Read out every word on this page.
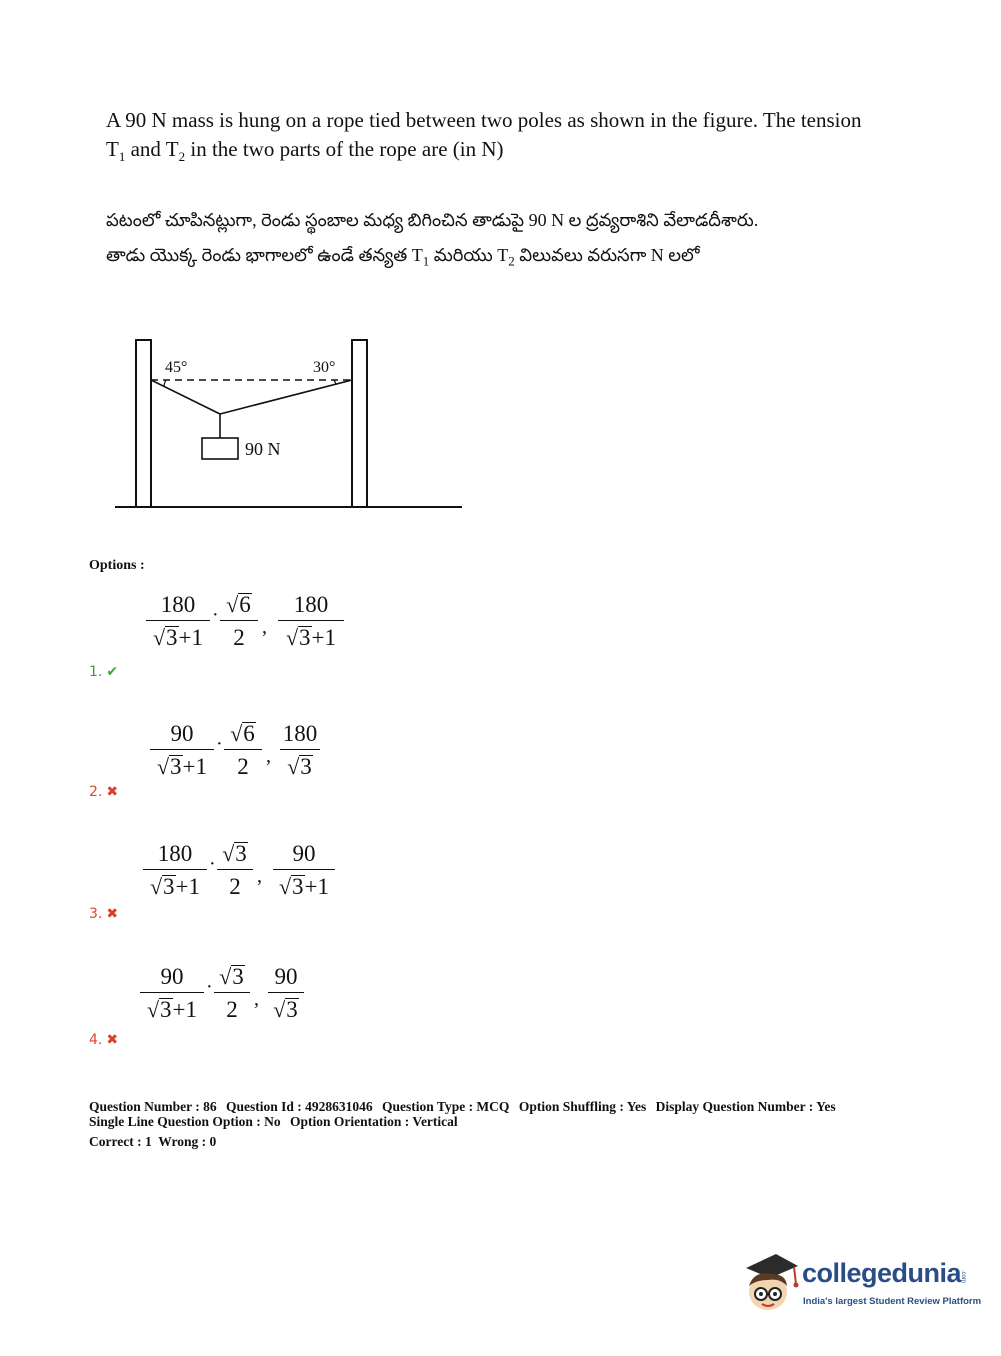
A 90 N mass is hung on a rope tied between two poles as shown in the figure. The tension
$T_1$ and $T_2$ in the two parts of the rope are (in N)
పటంలో చూపినట్లుగా, రెండు స్థంబాల మధ్య బిగించిన తాడుపై 90 N ల ద్రవ్యరాశిని వేలాడదీశారు.
తాడు యొక్క రెండు భాగాలలో ఉండే తన్యత $T_1$ మరియు $T_2$ విలువలు వరుసగా N లలో
45°	30°
90 N
Options :
180
√3+1
· √6
2 ,
180
√3+1
1. ✔
90
√3+1
· √6
2 ,
180
√3
2. ✖
180
√3+1
· √3
2 ,
90
√3+1
3. ✖
90
√3+1
· √3
2 ,
90
√3
4. ✖
Question Number : 86 Question Id : 4928631046 Question Type : MCQ Option Shuffling : Yes Display Question Number : Yes
Single Line Question Option : No Option Orientation : Vertical
Correct : 1 Wrong : 0
collegedunia
.com
India's largest Student Review Platform
